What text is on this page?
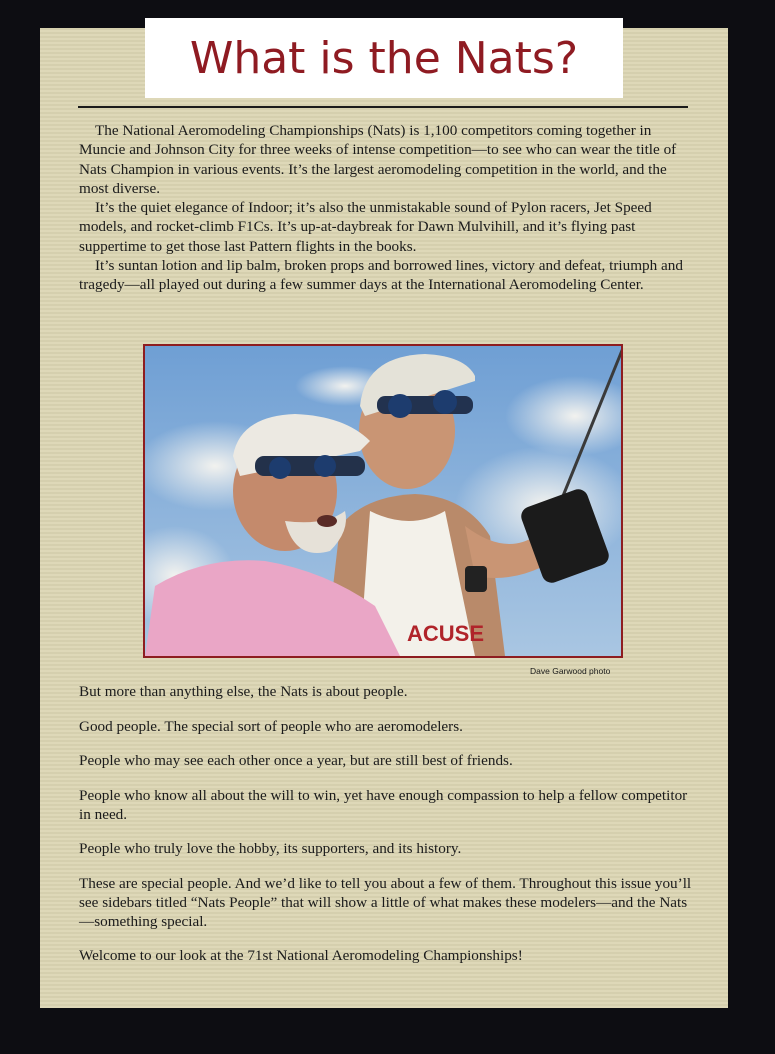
What is the Nats?

The National Aeromodeling Championships (Nats) is 1,100 competitors coming together in Muncie and Johnson City for three weeks of intense competition—to see who can wear the title of Nats Champion in various events. It’s the largest aeromodeling competition in the world, and the most diverse.

It’s the quiet elegance of Indoor; it’s also the unmistakable sound of Pylon racers, Jet Speed models, and rocket-climb F1Cs. It’s up-at-daybreak for Dawn Mulvihill, and it’s flying past suppertime to get those last Pattern flights in the books.

It’s suntan lotion and lip balm, broken props and borrowed lines, victory and defeat, triumph and tragedy—all played out during a few summer days at the International Aeromodeling Center.

ACUSE
Dave Garwood photo

But more than anything else, the Nats is about people.

Good people. The special sort of people who are aeromodelers.

People who may see each other once a year, but are still best of friends.

People who know all about the will to win, yet have enough compassion to help a fellow competitor in need.

People who truly love the hobby, its supporters, and its history.

These are special people. And we’d like to tell you about a few of them. Throughout this issue you’ll see sidebars titled “Nats People” that will show a little of what makes these modelers—and the Nats—something special.

Welcome to our look at the 71st National Aeromodeling Championships!
